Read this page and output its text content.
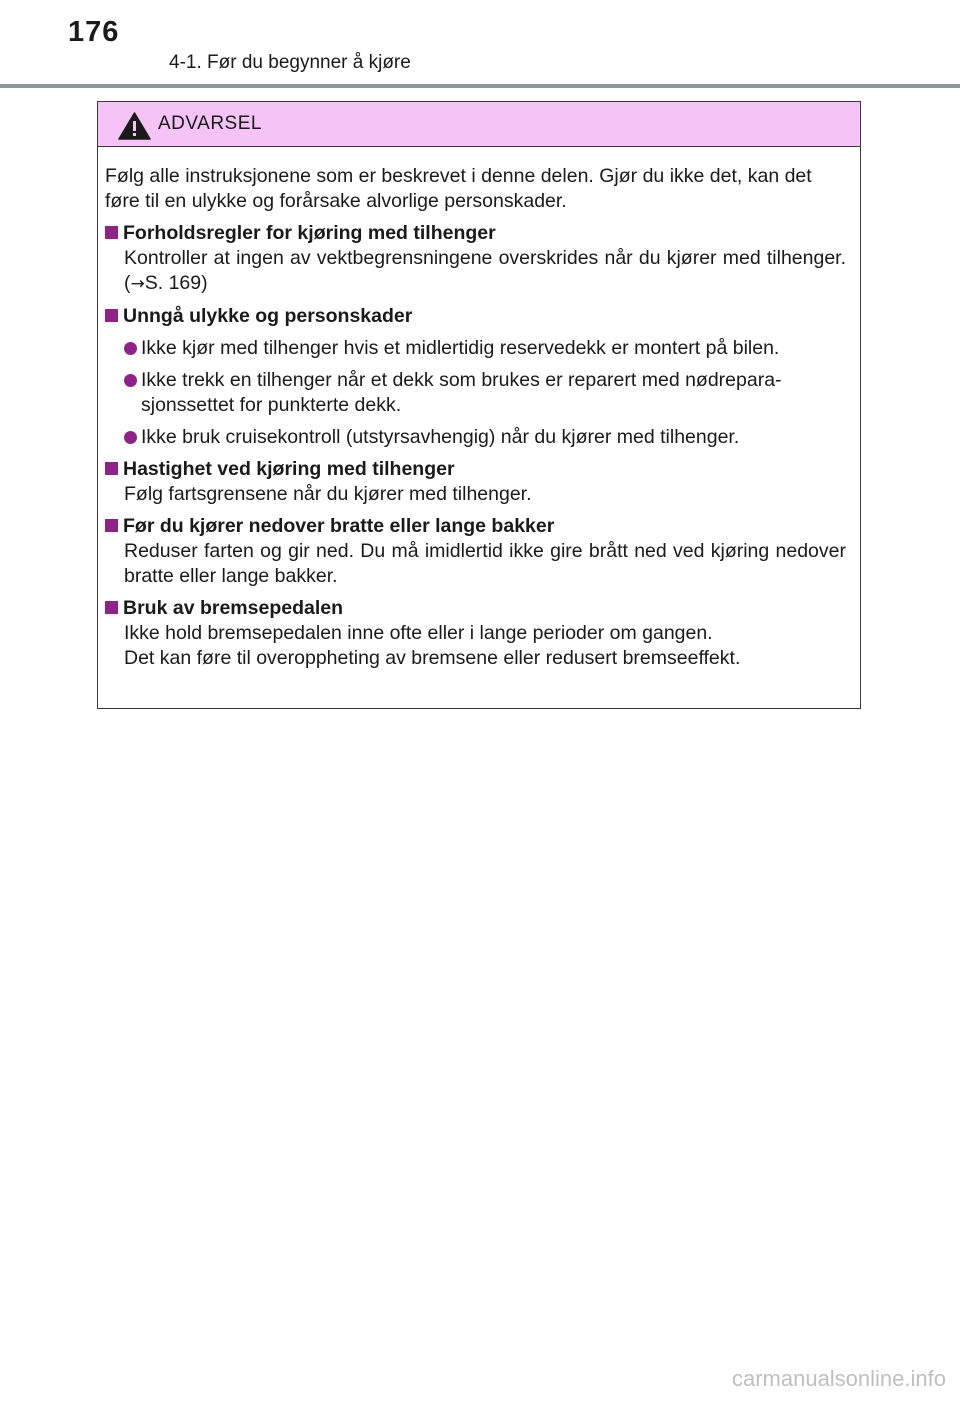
176
4-1. Før du begynner å kjøre
ADVARSEL
Følg alle instruksjonene som er beskrevet i denne delen. Gjør du ikke det, kan det føre til en ulykke og forårsake alvorlige personskader.
Forholdsregler for kjøring med tilhenger
Kontroller at ingen av vektbegrensningene overskrides når du kjører med tilhenger. (→S. 169)
Unngå ulykke og personskader
Ikke kjør med tilhenger hvis et midlertidig reservedekk er montert på bilen.
Ikke trekk en tilhenger når et dekk som brukes er reparert med nødrepara-sjonssettet for punkterte dekk.
Ikke bruk cruisekontroll (utstyrsavhengig) når du kjører med tilhenger.
Hastighet ved kjøring med tilhenger
Følg fartsgrensene når du kjører med tilhenger.
Før du kjører nedover bratte eller lange bakker
Reduser farten og gir ned. Du må imidlertid ikke gire brått ned ved kjøring nedover bratte eller lange bakker.
Bruk av bremsepedalen
Ikke hold bremsepedalen inne ofte eller i lange perioder om gangen.
Det kan føre til overoppheting av bremsene eller redusert bremseeffekt.
carmanualsonline.info
